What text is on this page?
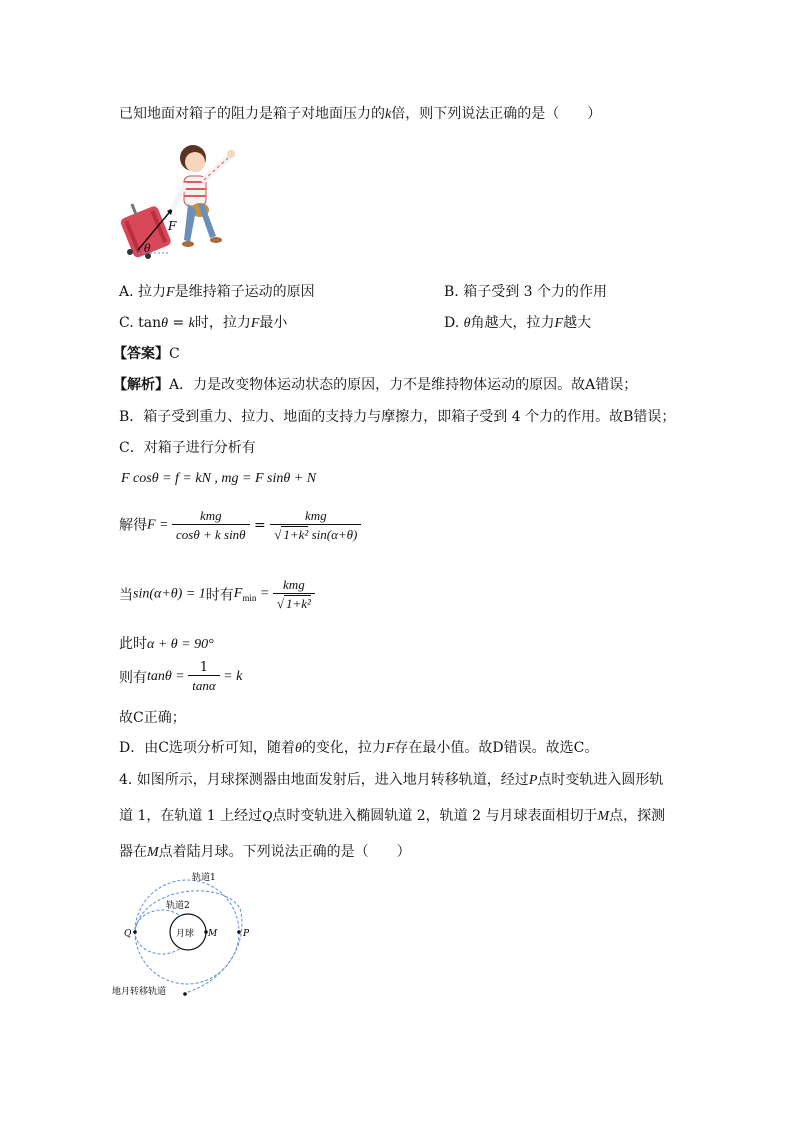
已知地面对箱子的阻力是箱子对地面压力的k倍，则下列说法正确的是（　　）
F
θ
A. 拉力F是维持箱子运动的原因	B. 箱子受到 3 个力的作用
C. tanθ = k时，拉力F最小	D. θ角越大，拉力F越大
【答案】C
【解析】A．力是改变物体运动状态的原因，力不是维持物体运动的原因。故A错误；
B．箱子受到重力、拉力、地面的支持力与摩擦力，即箱子受到 4 个力的作用。故B错误；
C．对箱子进行分析有
F cosθ = f = kN , mg = F sinθ + N
解得$F = \frac{\text{kmg}}{\text{cosθ + k sinθ}} = \frac{\text{kmg}}{\text{√ 1+k² sin(α+θ)}}$
当sin(α+θ) = 1时有$F_{min} = \frac{\text{kmg}}{\text{√ 1+k²}}$
此时α + θ = 90°
则有$\tan\theta = \frac{1}{\tan\alpha} = k$
故C正确；
D．由C选项分析可知，随着θ的变化，拉力F存在最小值。故D错误。故选C。
4. 如图所示，月球探测器由地面发射后，进入地月转移轨道，经过P点时变轨进入圆形轨
道 1，在轨道 1 上经过Q点时变轨进入椭圆轨道 2，轨道 2 与月球表面相切于M点，探测
器在M点着陆月球。下列说法正确的是（　　）
月球 M
轨道2
轨道1
Q	P
地月转移轨道
